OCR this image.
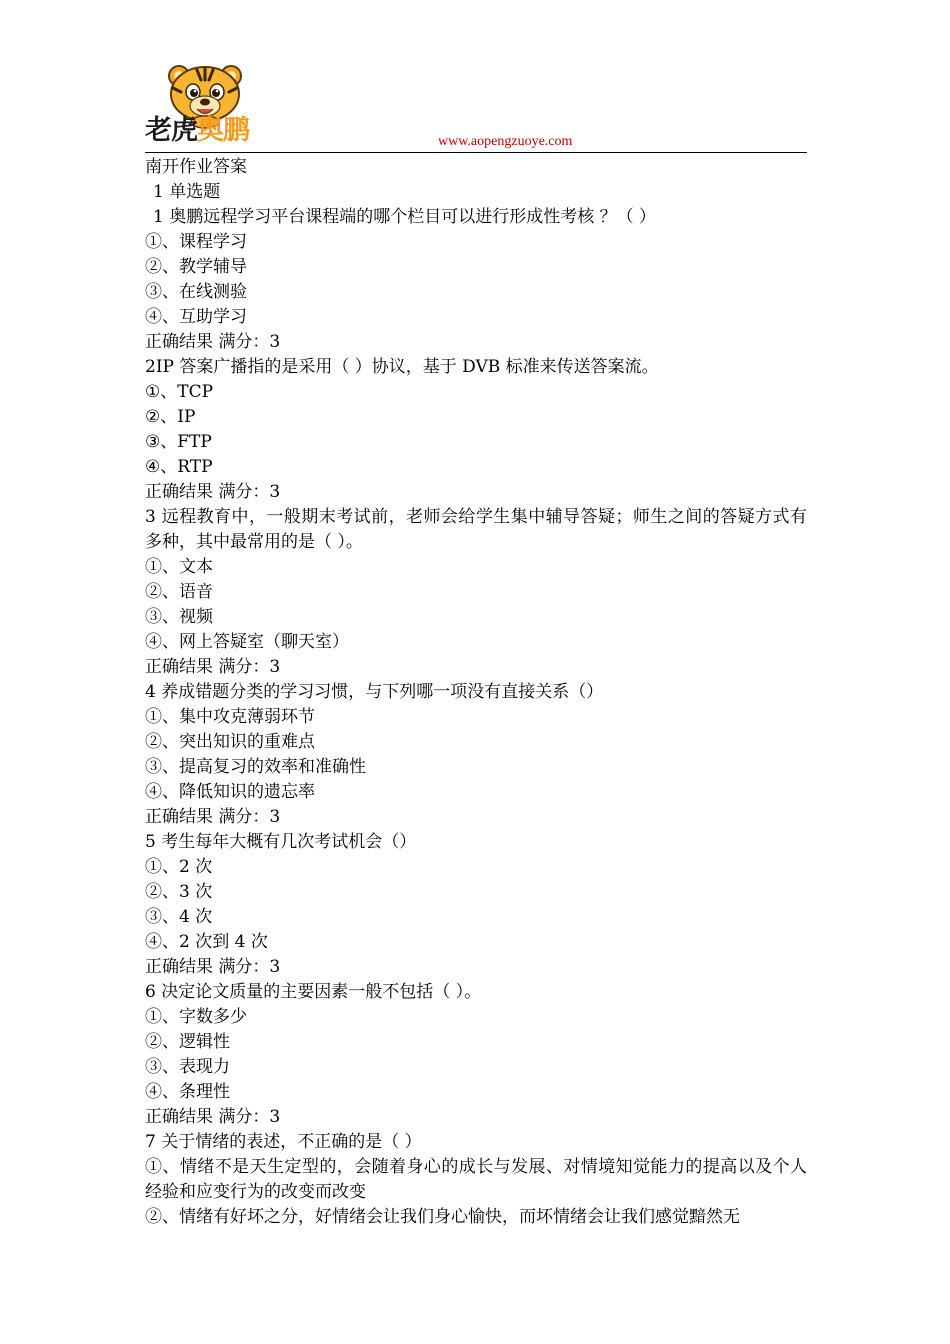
老虎奥鹏	www.aopengzuoye.com
南开作业答案
1 单选题
1 奥鹏远程学习平台课程端的哪个栏目可以进行形成性考核 ？（ ）
①、课程学习
②、教学辅导
③、在线测验
④、互助学习
正确结果 满分：3
2IP 答案广播指的是采用（ ）协议，基于 DVB 标准来传送答案流。
①、TCP
②、IP
③、FTP
④、RTP
正确结果 满分：3
3 远程教育中，一般期末考试前，老师会给学生集中辅导答疑；师生之间的答疑方式有多种，其中最常用的是（ ）。
①、文本
②、语音
③、视频
④、网上答疑室（聊天室）
正确结果 满分：3
4 养成错题分类的学习习惯，与下列哪一项没有直接关系（）
①、集中攻克薄弱环节
②、突出知识的重难点
③、提高复习的效率和准确性
④、降低知识的遗忘率
正确结果 满分：3
5 考生每年大概有几次考试机会（）
①、2 次
②、3 次
③、4 次
④、2 次到 4 次
正确结果 满分：3
6 决定论文质量的主要因素一般不包括（ ）。
①、字数多少
②、逻辑性
③、表现力
④、条理性
正确结果 满分：3
7 关于情绪的表述，不正确的是（ ）
①、情绪不是天生定型的，会随着身心的成长与发展、对情境知觉能力的提高以及个人经验和应变行为的改变而改变
②、情绪有好坏之分，好情绪会让我们身心愉快，而坏情绪会让我们感觉黯然无
